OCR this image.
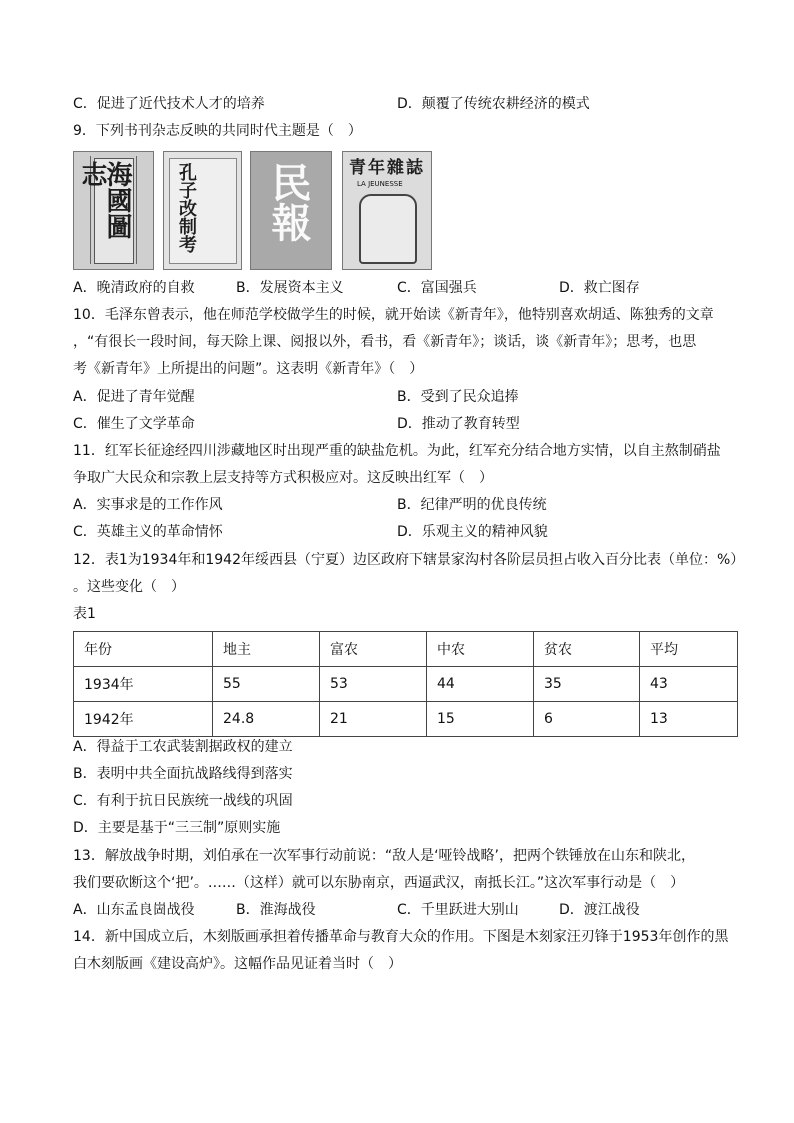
C．促进了近代技术人才的培养	D．颠覆了传统农耕经济的模式
9．下列书刊杂志反映的共同时代主题是（　）
海國圖志	孔子改制考 民報 青年雜誌
LA JEUNESSE
A．晚清政府的自救	B．发展资本主义	C．富国强兵	D．救亡图存
10．毛泽东曾表示，他在师范学校做学生的时候，就开始读《新青年》，他特别喜欢胡适、陈独秀的文章
，“有很长一段时间，每天除上课、阅报以外，看书，看《新青年》；谈话，谈《新青年》；思考，也思
考《新青年》上所提出的问题”。这表明《新青年》（　）
A．促进了青年觉醒	B．受到了民众追捧
C．催生了文学革命	D．推动了教育转型
11．红军长征途经四川涉藏地区时出现严重的缺盐危机。为此，红军充分结合地方实情，以自主熬制硝盐
争取广大民众和宗教上层支持等方式积极应对。这反映出红军（　）
A．实事求是的工作作风	B．纪律严明的优良传统
C．英雄主义的革命情怀	D．乐观主义的精神风貌
12．表1为1934年和1942年绥西县（宁夏）边区政府下辖景家沟村各阶层员担占收入百分比表（单位：%）
。这些变化（　）
表1
年份	地主	富农	中农	贫农	平均
1934年	55	53	44	35	43
1942年	24.8	21	15	6	13
A．得益于工农武装割据政权的建立
B．表明中共全面抗战路线得到落实
C．有利于抗日民族统一战线的巩固
D．主要是基于“三三制”原则实施
13．解放战争时期，刘伯承在一次军事行动前说：“敌人是‘哑铃战略’，把两个铁锤放在山东和陕北，
我们要砍断这个‘把’。……（这样）就可以东胁南京，西逼武汉，南抵长江。”这次军事行动是（　）
A．山东孟良崮战役	B．淮海战役	C．千里跃进大别山	D．渡江战役
14．新中国成立后，木刻版画承担着传播革命与教育大众的作用。下图是木刻家汪刃锋于1953年创作的黑
白木刻版画《建设高炉》。这幅作品见证着当时（　）
